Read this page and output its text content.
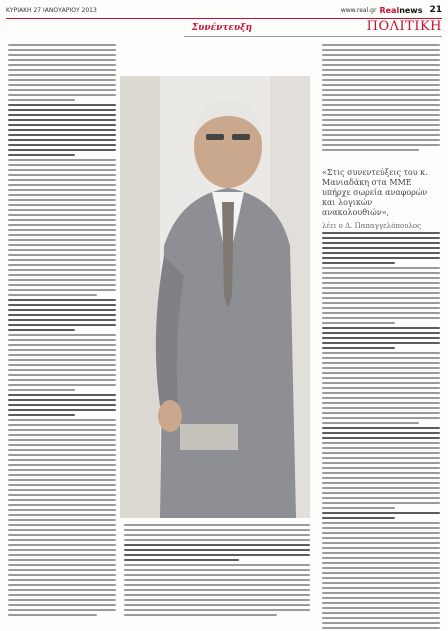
ΚΥΡΙΑΚΗ 27 ΙΑΝΟΥΑΡΙΟΥ 2013	www.real.gr Realnews 21
Συνέντευξη	ΠΟΛΙΤΙΚΗ
«Στις συνεντεύξεις του κ. Μανιαδάκη στα ΜΜΕ υπήρχε σωρεία αναφορών και λογικών ανακολουθιών»,
λέει ο Δ. Παπαγγελόπουλος
